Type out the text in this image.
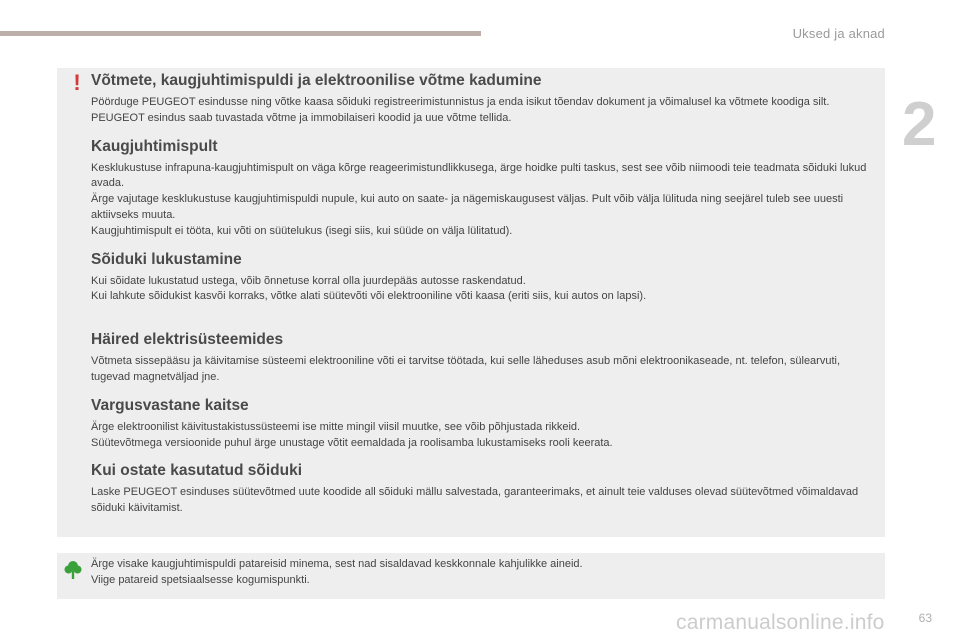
Uksed ja aknad
2
! Võtmete, kaugjuhtimispuldi ja elektroonilise võtme kadumine

Pöörduge PEUGEOT esindusse ning võtke kaasa sõiduki registreerimistunnistus ja enda isikut tõendav dokument ja võimalusel ka võtmete koodiga silt.

PEUGEOT esindus saab tuvastada võtme ja immobilaiseri koodid ja uue võtme tellida.

Kaugjuhtimispult

Kesklukustuse infrapuna-kaugjuhtimispult on väga kõrge reageerimistundlikkusega, ärge hoidke pulti taskus, sest see võib niimoodi teie teadmata sõiduki lukud avada.

Ärge vajutage kesklukustuse kaugjuhtimispuldi nupule, kui auto on saate- ja nägemiskaugusest väljas. Pult võib välja lülituda ning seejärel tuleb see uuesti aktiivseks muuta.

Kaugjuhtimispult ei tööta, kui võti on süütelukus (isegi siis, kui süüde on välja lülitatud).

Sõiduki lukustamine

Kui sõidate lukustatud ustega, võib õnnetuse korral olla juurdepääs autosse raskendatud.

Kui lahkute sõidukist kasvõi korraks, võtke alati süütevõti või elektrooniline võti kaasa (eriti siis, kui autos on lapsi).

Häired elektrisüsteemides

Võtmeta sissepääsu ja käivitamise süsteemi elektrooniline võti ei tarvitse töötada, kui selle läheduses asub mõni elektroonikaseade, nt. telefon, sülearvuti, tugevad magnetväljad jne.

Vargusvastane kaitse

Ärge elektroonilist käivitustakistussüsteemi ise mitte mingil viisil muutke, see võib põhjustada rikkeid.

Süütevõtmega versioonide puhul ärge unustage võtit eemaldada ja roolisamba lukustamiseks rooli keerata.

Kui ostate kasutatud sõiduki

Laske PEUGEOT esinduses süütevõtmed uute koodide all sõiduki mällu salvestada, garanteerimaks, et ainult teie valduses olevad süütevõtmed võimaldavad sõiduki käivitamist.

Ärge visake kaugjuhtimispuldi patareisid minema, sest nad sisaldavad keskkonnale kahjulikke aineid.

Viige patareid spetsiaalsesse kogumispunkti.

carmanualsonline.info	63
